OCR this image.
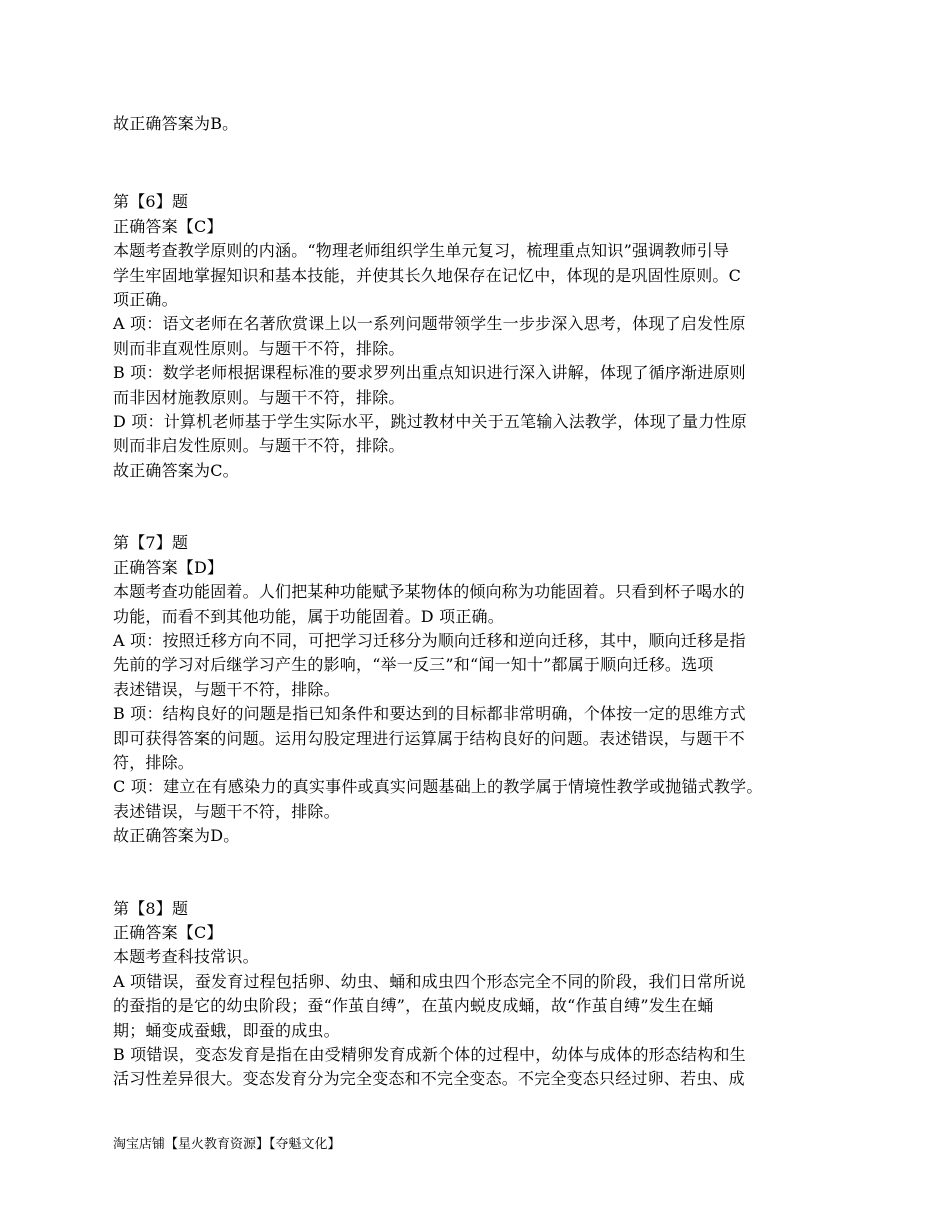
故正确答案为B。
第【6】题
正确答案【C】
本题考查教学原则的内涵。“物理老师组织学生单元复习，梳理重点知识”强调教师引导
学生牢固地掌握知识和基本技能，并使其长久地保存在记忆中，体现的是巩固性原则。C
项正确。
A 项：语文老师在名著欣赏课上以一系列问题带领学生一步步深入思考，体现了启发性原
则而非直观性原则。与题干不符，排除。
B 项：数学老师根据课程标准的要求罗列出重点知识进行深入讲解，体现了循序渐进原则
而非因材施教原则。与题干不符，排除。
D 项：计算机老师基于学生实际水平，跳过教材中关于五笔输入法教学，体现了量力性原
则而非启发性原则。与题干不符，排除。
故正确答案为C。
第【7】题
正确答案【D】
本题考查功能固着。人们把某种功能赋予某物体的倾向称为功能固着。只看到杯子喝水的
功能，而看不到其他功能，属于功能固着。D 项正确。
A 项：按照迁移方向不同，可把学习迁移分为顺向迁移和逆向迁移，其中，顺向迁移是指
先前的学习对后继学习产生的影响，“举一反三”和“闻一知十”都属于顺向迁移。选项
表述错误，与题干不符，排除。
B 项：结构良好的问题是指已知条件和要达到的目标都非常明确，个体按一定的思维方式
即可获得答案的问题。运用勾股定理进行运算属于结构良好的问题。表述错误，与题干不
符，排除。
C 项：建立在有感染力的真实事件或真实问题基础上的教学属于情境性教学或抛锚式教学。
表述错误，与题干不符，排除。
故正确答案为D。
第【8】题
正确答案【C】
本题考查科技常识。
A 项错误，蚕发育过程包括卵、幼虫、蛹和成虫四个形态完全不同的阶段，我们日常所说
的蚕指的是它的幼虫阶段；蚕“作茧自缚”，在茧内蜕皮成蛹，故“作茧自缚”发生在蛹
期；蛹变成蚕蛾，即蚕的成虫。
B 项错误，变态发育是指在由受精卵发育成新个体的过程中，幼体与成体的形态结构和生
活习性差异很大。变态发育分为完全变态和不完全变态。不完全变态只经过卵、若虫、成
淘宝店铺【星火教育资源】【夺魁文化】
